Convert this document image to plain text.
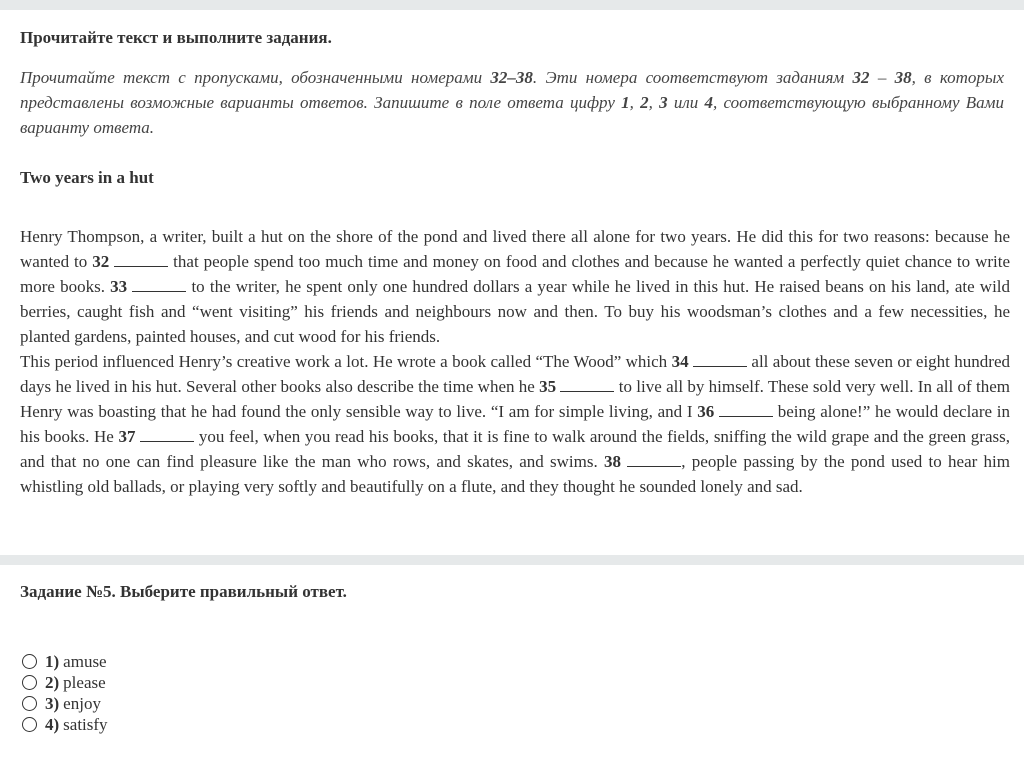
Прочитайте текст и выполните задания.
Прочитайте текст с пропусками, обозначенными номерами 32–38. Эти номера соответствуют заданиям 32 – 38, в которых представлены возможные варианты ответов. Запишите в поле ответа цифру 1, 2, 3 или 4, соответствующую выбранному Вами варианту ответа.
Two years in a hut

Henry Thompson, a writer, built a hut on the shore of the pond and lived there all alone for two years. He did this for two reasons: because he wanted to 32	that people spend too much time and money on food and clothes and because he wanted a perfectly quiet chance to write more books. 33	to the writer, he spent only one hundred dollars a year while he lived in this hut. He raised beans on his land, ate wild berries, caught fish and “went visiting” his friends and neighbours now and then. To buy his woodsman’s clothes and a few necessities, he planted gardens, painted houses, and cut wood for his friends.

This period influenced Henry’s creative work a lot. He wrote a book called “The Wood” which 34	all about these seven or eight hundred days he lived in his hut. Several other books also describe the time when he 35	to live all by himself. These sold very well. In all of them Henry was boasting that he had found the only sensible way to live. “I am for simple living, and I 36	being alone!” he would declare in his books. He 37	you feel, when you read his books, that it is fine to walk around the fields, sniffing the wild grape and the green grass, and that no one can find pleasure like the man who rows, and skates, and swims. 38	, people passing by the pond used to hear him whistling old ballads, or playing very softly and beautifully on a flute, and they thought he sounded lonely and sad.

Задание №5. Выберите правильный ответ.
1) amuse
2) please
3) enjoy
4) satisfy
